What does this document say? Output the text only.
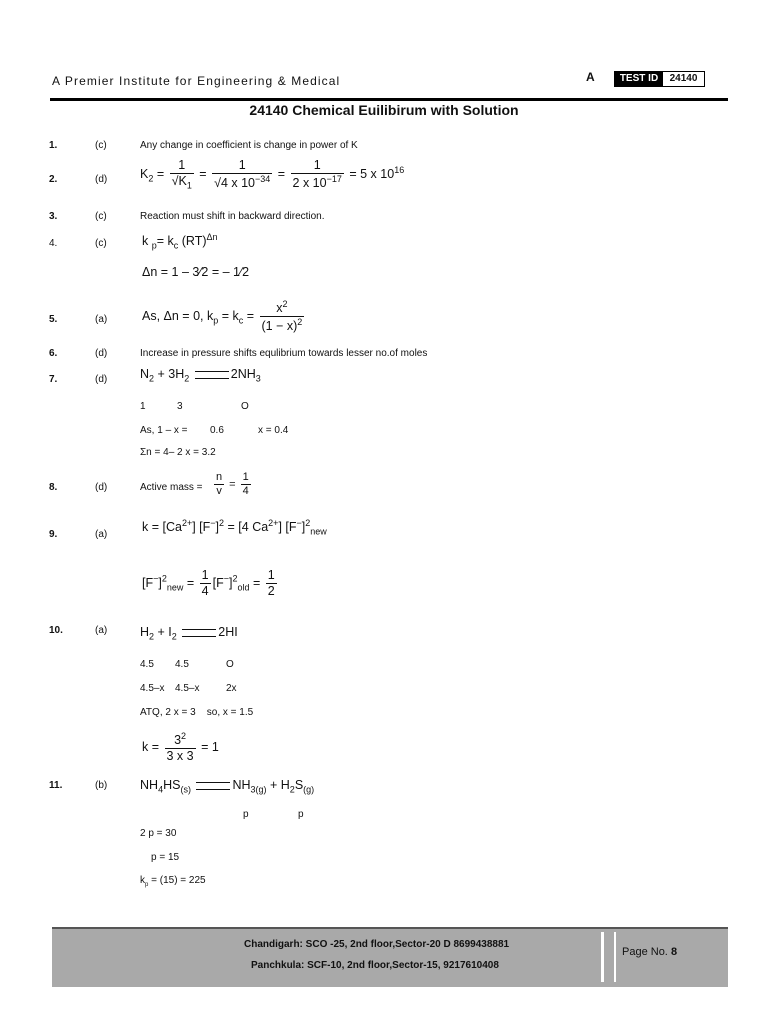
A Premier Institute for Engineering & Medical	A	TEST ID	24140
24140 Chemical Euilibirum with Solution
1.	(c)	Any change in coefficient is change in power of K
2.	(d)	$K_2 = \frac{1}{√K_1} = \frac{1}{√4 x 10^{-34}} = \frac{1}{2 x 10^{-17}} = 5$ x $10^{16}$
3.	(c)	Reaction must shift in backward direction.
4.	(c)	k $_p= k_c$ (RT)$^{\Delta n}$
Δn = 1 – 3⁄2 = – 1⁄2
5.	(a)	As, Δn = 0, $k_p = k_c = \frac{x^2}{(1 - x)^2}$
6.	(d)	Increase in pressure shifts equlibrium towards lesser no.of moles
7.	(d)	$N_2 + 3H_2$	$2NH_3$
1	3	O
As, 1 – x = 0.6	x = 0.4
Σn = 4– 2 x = 3.2
8.	(d)	Active mass = $\frac{n}{v} = \frac{1}{4}$
9.	(a)
$k = [Ca^{2+}] [F^-]^2 = [4$ $Ca^{2+}$] $[F^-]^2_{new}$
$[F^-]^2_{new} = \frac{1}{4} [F^-]^2_{old} = \frac{1}{2}$
10.	(a)	$H_2 + I_2$	2HI
4.5 4.5	O
4.5–x 4.5–x	2x
ATQ, 2 x = 3    so, x = 1.5
$k = \frac{3^2}{3 x 3} = 1$
11.	(b)	$NH_4HS_{(s)}$	$NH_{3(g)} + H_2S_{(g)}$
p	p
2 p = 30
p = 15
$k_p = (15) = 225$
Chandigarh: SCO -25, 2nd floor,Sector-20 D 8699438881
Panchkula: SCF-10, 2nd floor,Sector-15, 9217610408
Page No. 8
